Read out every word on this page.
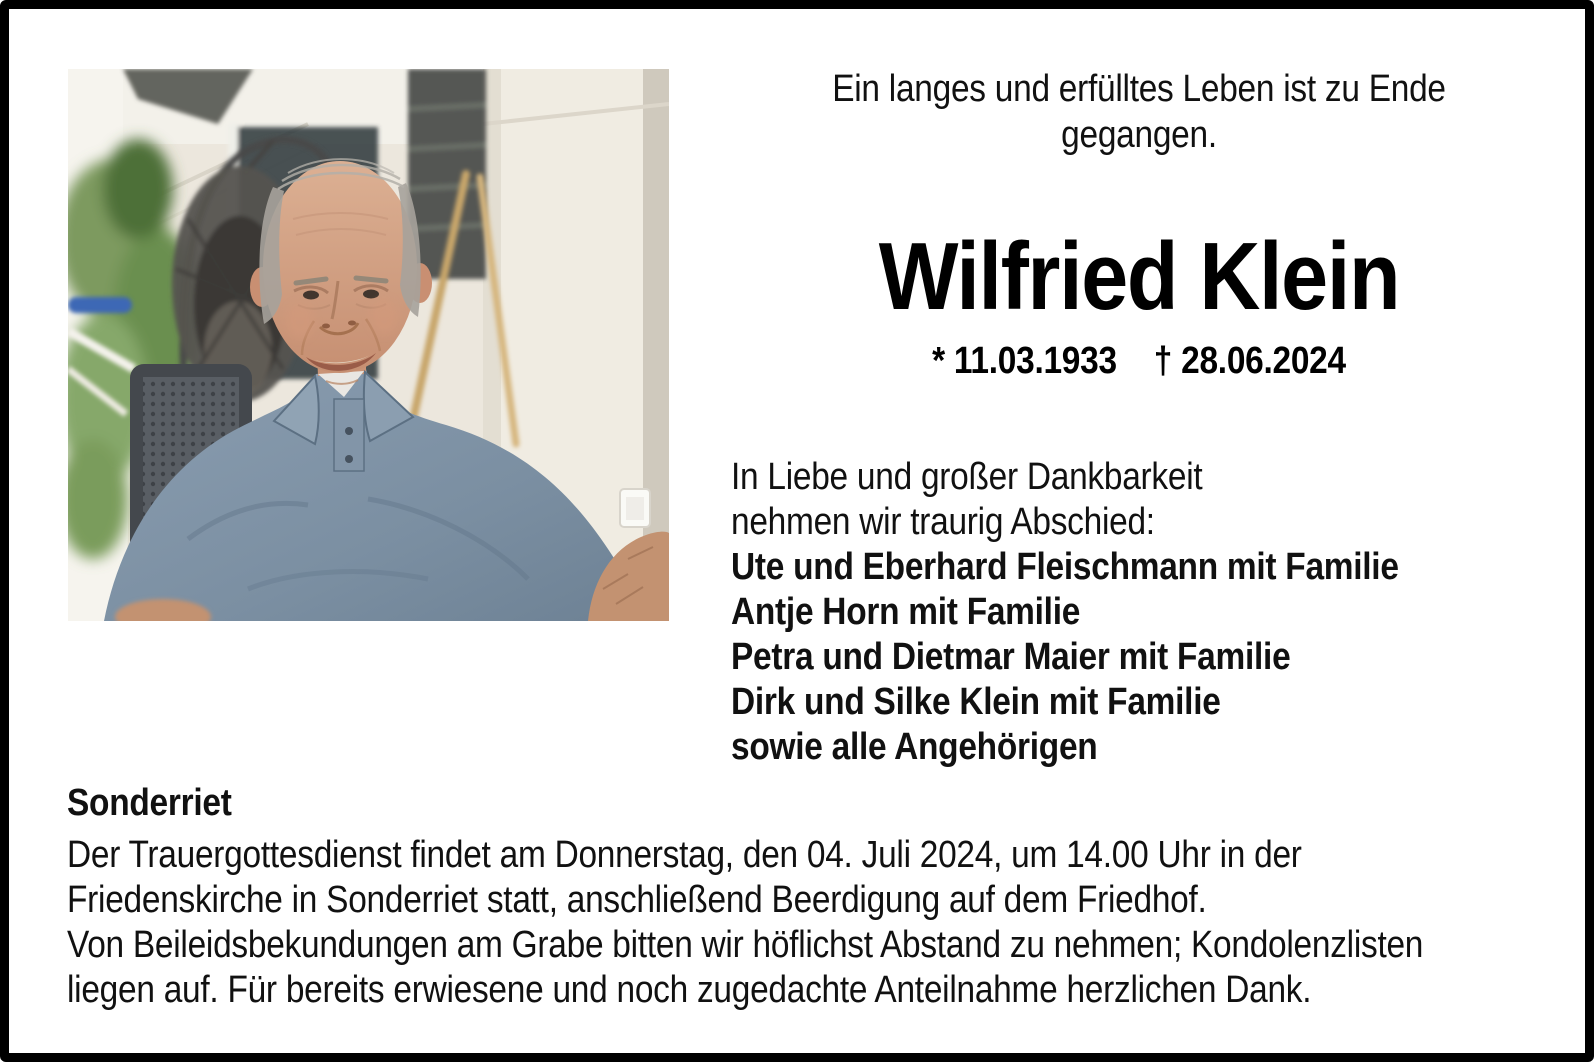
Ein langes und erfülltes Leben ist zu Ende gegangen.
Wilfried Klein
* 11.03.1933 † 28.06.2024
In Liebe und großer Dankbarkeit
nehmen wir traurig Abschied:
Ute und Eberhard Fleischmann mit Familie
Antje Horn mit Familie
Petra und Dietmar Maier mit Familie
Dirk und Silke Klein mit Familie
sowie alle Angehörigen
Sonderriet
Der Trauergottesdienst findet am Donnerstag, den 04. Juli 2024, um 14.00 Uhr in der
Friedenskirche in Sonderriet statt, anschließend Beerdigung auf dem Friedhof.
Von Beileidsbekundungen am Grabe bitten wir höflichst Abstand zu nehmen; Kondolenzlisten
liegen auf. Für bereits erwiesene und noch zugedachte Anteilnahme herzlichen Dank.
